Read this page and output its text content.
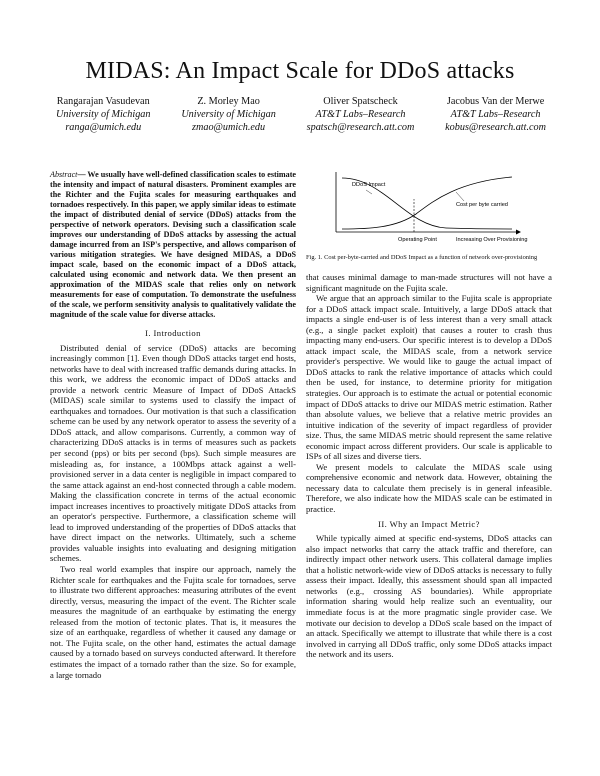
MIDAS: An Impact Scale for DDoS attacks
Rangarajan Vasudevan
University of Michigan
ranga@umich.edu
Z. Morley Mao
University of Michigan
zmao@umich.edu
Oliver Spatscheck
AT&T Labs–Research
spatsch@research.att.com
Jacobus Van der Merwe
AT&T Labs–Research
kobus@research.att.com
Abstract— We usually have well-defined classification scales to estimate the intensity and impact of natural disasters. Prominent examples are the Richter and the Fujita scales for measuring earthquakes and tornadoes respectively. In this paper, we apply similar ideas to estimate the impact of distributed denial of service (DDoS) attacks from the perspective of network operators. Devising such a classification scale improves our understanding of DDoS attacks by assessing the actual damage incurred from an ISP's perspective, and allows comparison of various mitigation strategies. We have designed MIDAS, a DDoS impact scale, based on the economic impact of a DDoS attack, calculated using economic and network data. We then present an approximation of the MIDAS scale that relies only on network measurements for ease of computation. To demonstrate the usefulness of the scale, we perform sensitivity analysis to qualitatively validate the magnitude of the scale value for diverse attacks.
I. Introduction

Distributed denial of service (DDoS) attacks are becoming increasingly common [1]. Even though DDoS attacks target end hosts, networks have to deal with increased traffic demands during attacks. In this work, we address the economic impact of DDoS attacks and provide a network centric Measure of Impact of DDoS AttackS (MIDAS) scale similar to systems used to classify the impact of earthquakes and tornadoes. Our motivation is that such a classification scheme can be used by any network operator to assess the severity of a DDoS attack, and allow comparisons. Currently, a common way of characterizing DDoS attacks is in terms of measures such as packets per second (pps) or bits per second (bps). Such simple measures are misleading as, for instance, a 100Mbps attack against a well-provisioned server in a data center is negligible in impact compared to the same attack against an end-host connected through a cable modem. Making the classification concrete in terms of the actual economic impact increases incentives to proactively mitigate DDoS attacks from an operator's perspective. Furthermore, a classification scheme will lead to improved understanding of the properties of DDoS attacks that have direct impact on the networks. Ultimately, such a scheme provides valuable insights into evaluating and designing mitigation schemes.

Two real world examples that inspire our approach, namely the Richter scale for earthquakes and the Fujita scale for tornadoes, serve to illustrate two different approaches: measuring attributes of the event directly, versus, measuring the impact of the event. The Richter scale measures the magnitude of an earthquake by estimating the energy released from the motion of tectonic plates. That is, it measures the size of an earthquake, regardless of whether it caused any damage or not. The Fujita scale, on the other hand, estimates the actual damage caused by a tornado based on surveys conducted afterward. It therefore estimates the impact of a tornado rather than the size. So for example, a large tornado

DDoS Impact
Cost per byte carried
Operating Point	Increasing Over Provisioning
Fig. 1. Cost per-byte-carried and DDoS Impact as a function of network over-provisioning

that causes minimal damage to man-made structures will not have a significant magnitude on the Fujita scale.

We argue that an approach similar to the Fujita scale is appropriate for a DDoS attack impact scale. Intuitively, a large DDoS attack that impacts a single end-user is of less interest than a very small attack (e.g., a single packet exploit) that causes a router to crash thus impacting many end-users. Our specific interest is to develop a DDoS attack impact scale, the MIDAS scale, from a network service provider's perspective. We would like to gauge the actual impact of DDoS attacks to rank the relative importance of attacks which could then be used, for instance, to determine priority for mitigation strategies. Our approach is to estimate the actual or potential economic impact of DDoS attacks to drive our MIDAS metric estimation. Rather than absolute values, we believe that a relative metric provides an intuitive indication of the severity of impact regardless of provider size. Thus, the same MIDAS metric should represent the same relative economic impact across different providers. Our scale is applicable to ISPs of all sizes and diverse tiers.

We present models to calculate the MIDAS scale using comprehensive economic and network data. However, obtaining the necessary data to calculate them precisely is in general infeasible. Therefore, we also indicate how the MIDAS scale can be estimated in practice.

II. Why an Impact Metric?

While typically aimed at specific end-systems, DDoS attacks can also impact networks that carry the attack traffic and therefore, can indirectly impact other network users. This collateral damage implies that a holistic network-wide view of DDoS attacks is necessary to fully assess their impact. Ideally, this assessment should span all impacted networks (e.g., crossing AS boundaries). While appropriate information sharing would help realize such an eventuality, our immediate focus is at the more pragmatic single provider case. We motivate our decision to develop a DDoS scale based on the impact of an attack. Specifically we attempt to illustrate that while there is a cost involved in carrying all DDoS traffic, only some DDoS attacks impact the network and its users.
